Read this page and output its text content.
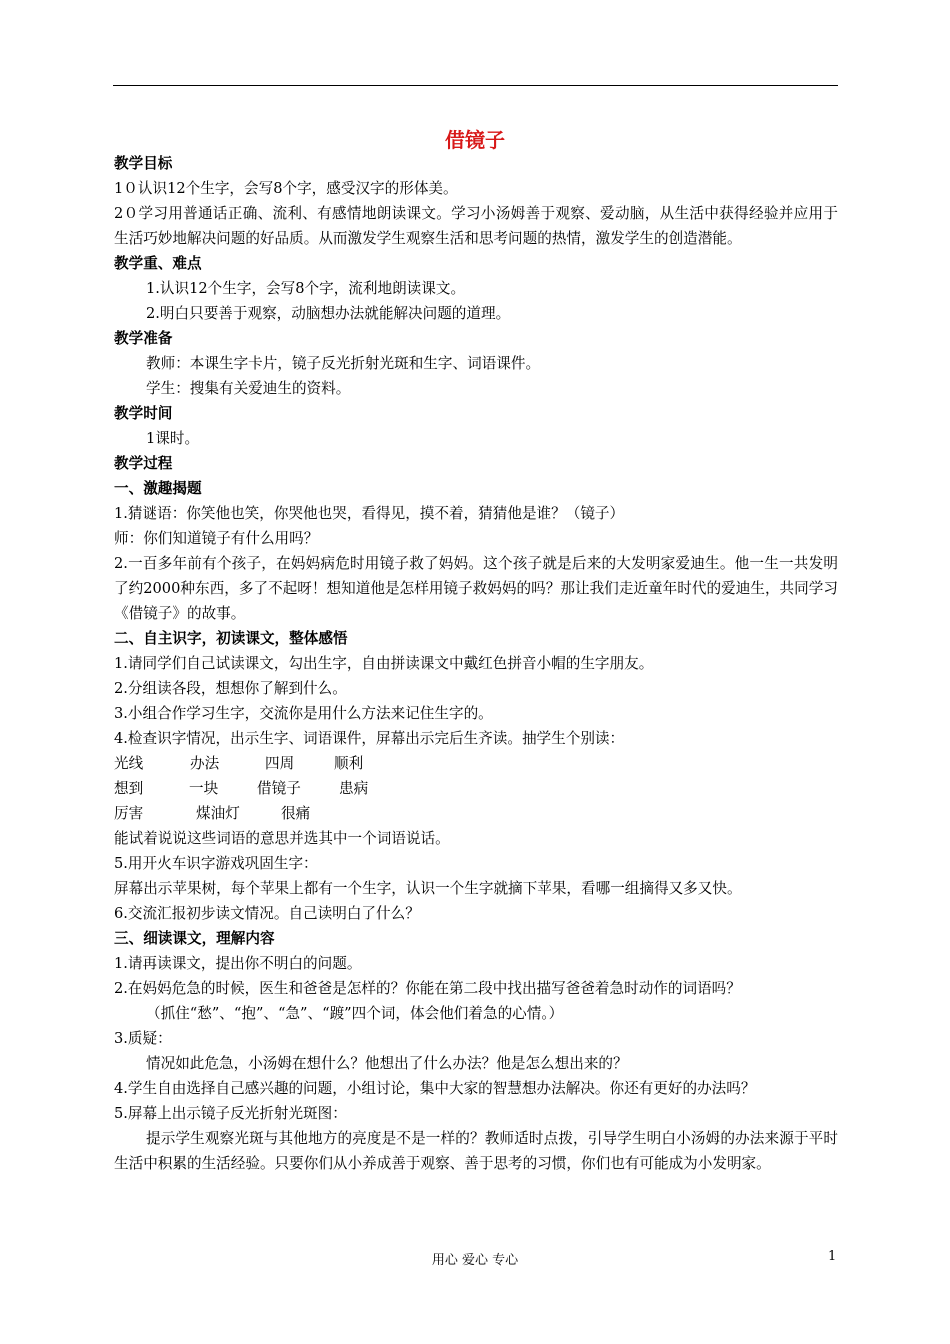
借镜子
教学目标
1０认识12个生字，会写8个字，感受汉字的形体美。
2０学习用普通话正确、流利、有感情地朗读课文。学习小汤姆善于观察、爱动脑，从生活中获得经验并应用于生活巧妙地解决问题的好品质。从而激发学生观察生活和思考问题的热情，激发学生的创造潜能。
教学重、难点
1.认识12个生字，会写8个字，流利地朗读课文。
2.明白只要善于观察，动脑想办法就能解决问题的道理。
教学准备
教师：本课生字卡片，镜子反光折射光斑和生字、词语课件。
学生：搜集有关爱迪生的资料。
教学时间
1课时。
教学过程
一、激趣揭题
1.猜谜语：你笑他也笑，你哭他也哭，看得见，摸不着，猜猜他是谁？（镜子）
师：你们知道镜子有什么用吗？
2.一百多年前有个孩子，在妈妈病危时用镜子救了妈妈。这个孩子就是后来的大发明家爱迪生。他一生一共发明了约2000种东西，多了不起呀！想知道他是怎样用镜子救妈妈的吗？那让我们走近童年时代的爱迪生，共同学习《借镜子》的故事。
二、自主识字，初读课文，整体感悟
1.请同学们自己试读课文，勾出生字，自由拼读课文中戴红色拼音小帽的生字朋友。
2.分组读各段，想想你了解到什么。
3.小组合作学习生字，交流你是用什么方法来记住生字的。
4.检查识字情况，出示生字、词语课件，屏幕出示完后生齐读。抽学生个别读：
光线	办法	四周	顺利
想到	一块	借镜子	患病
厉害	煤油灯	很痛
能试着说说这些词语的意思并选其中一个词语说话。
5.用开火车识字游戏巩固生字：
屏幕出示苹果树，每个苹果上都有一个生字，认识一个生字就摘下苹果，看哪一组摘得又多又快。
6.交流汇报初步读文情况。自己读明白了什么？
三、细读课文，理解内容
1.请再读课文，提出你不明白的问题。
2.在妈妈危急的时候，医生和爸爸是怎样的？你能在第二段中找出描写爸爸着急时动作的词语吗？
（抓住“愁”、“抱”、“急”、“踱”四个词，体会他们着急的心情。）
3.质疑：
情况如此危急，小汤姆在想什么？他想出了什么办法？他是怎么想出来的？
4.学生自由选择自己感兴趣的问题，小组讨论，集中大家的智慧想办法解决。你还有更好的办法吗？
5.屏幕上出示镜子反光折射光斑图：
提示学生观察光斑与其他地方的亮度是不是一样的？教师适时点拨，引导学生明白小汤姆的办法来源于平时生活中积累的生活经验。只要你们从小养成善于观察、善于思考的习惯，你们也有可能成为小发明家。
用心 爱心 专心	1
